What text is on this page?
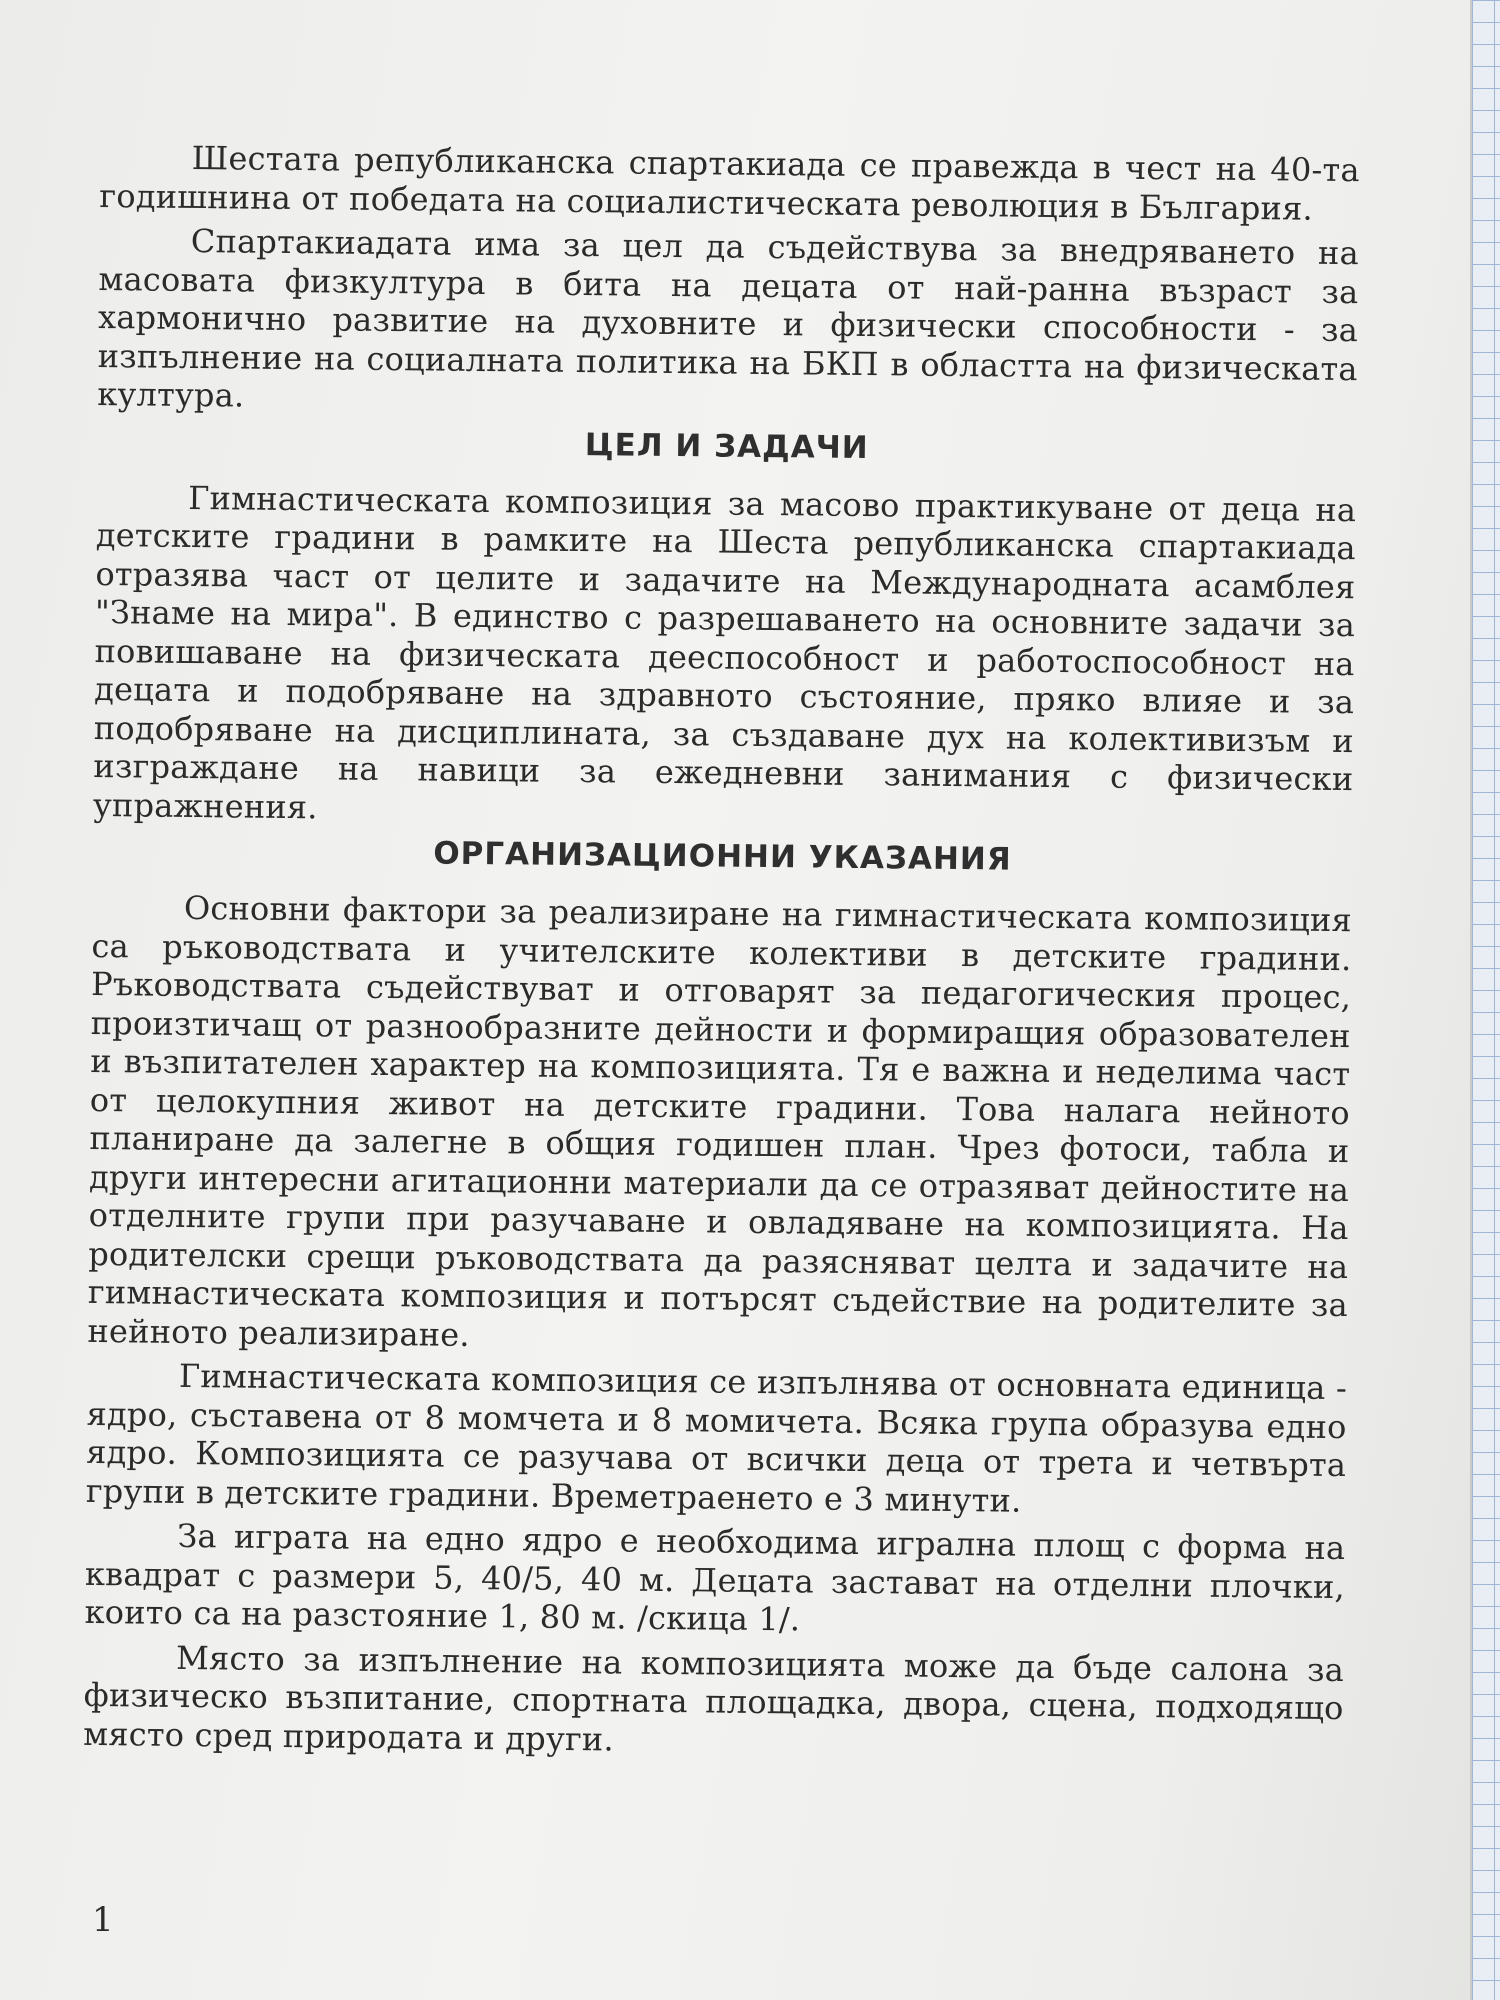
Шестата републиканска спартакиада се правежда в чест на 40-та годишнина от победата на социалистическата революция в България.

Спартакиадата има за цел да съдействува за внедряването на масовата физкултура в бита на децата от най-ранна възраст за хармонично развитие на духовните и физически способности - за изпълнение на социалната политика на БКП в областта на физическата култура.

ЦЕЛ И ЗАДАЧИ

Гимнастическата композиция за масово практикуване от деца на детските градини в рамките на Шеста републиканска спартакиада отразява част от целите и задачите на Международната асамблея "Знаме на мира". В единство с разрешаването на основните задачи за повишаване на физическата дееспособност и работоспособност на децата и подобряване на здравното състояние, пряко влияе и за подобряване на дисциплината, за създаване дух на колективизъм и изграждане на навици за ежедневни занимания с физически упражнения.

ОРГАНИЗАЦИОННИ УКАЗАНИЯ

Основни фактори за реализиране на гимнастическата композиция са ръководствата и учителските колективи в детските градини. Ръководствата съдействуват и отговарят за педагогическия процес, произтичащ от разнообразните дейности и формиращия образователен и възпитателен характер на композицията. Тя е важна и неделима част от целокупния живот на детските градини. Това налага нейното планиране да залегне в общия годишен план. Чрез фотоси, табла и други интересни агитационни материали да се отразяват дейностите на отделните групи при разучаване и овладяване на композицията. На родителски срещи ръководствата да разясняват целта и задачите на гимнастическата композиция и потърсят съдействие на родителите за нейното реализиране.

Гимнастическата композиция се изпълнява от основната единица - ядро, съставена от 8 момчета и 8 момичета. Всяка група образува едно ядро. Композицията се разучава от всички деца от трета и четвърта групи в детските градини. Времетраенето е 3 минути.

За играта на едно ядро е необходима игрална площ с форма на квадрат с размери 5, 40/5, 40 м. Децата застават на отделни плочки, които са на разстояние 1, 80 м. /скица 1/.

Място за изпълнение на композицията може да бъде салона за физическо възпитание, спортната площадка, двора, сцена, подходящо място сред природата и други.

1
